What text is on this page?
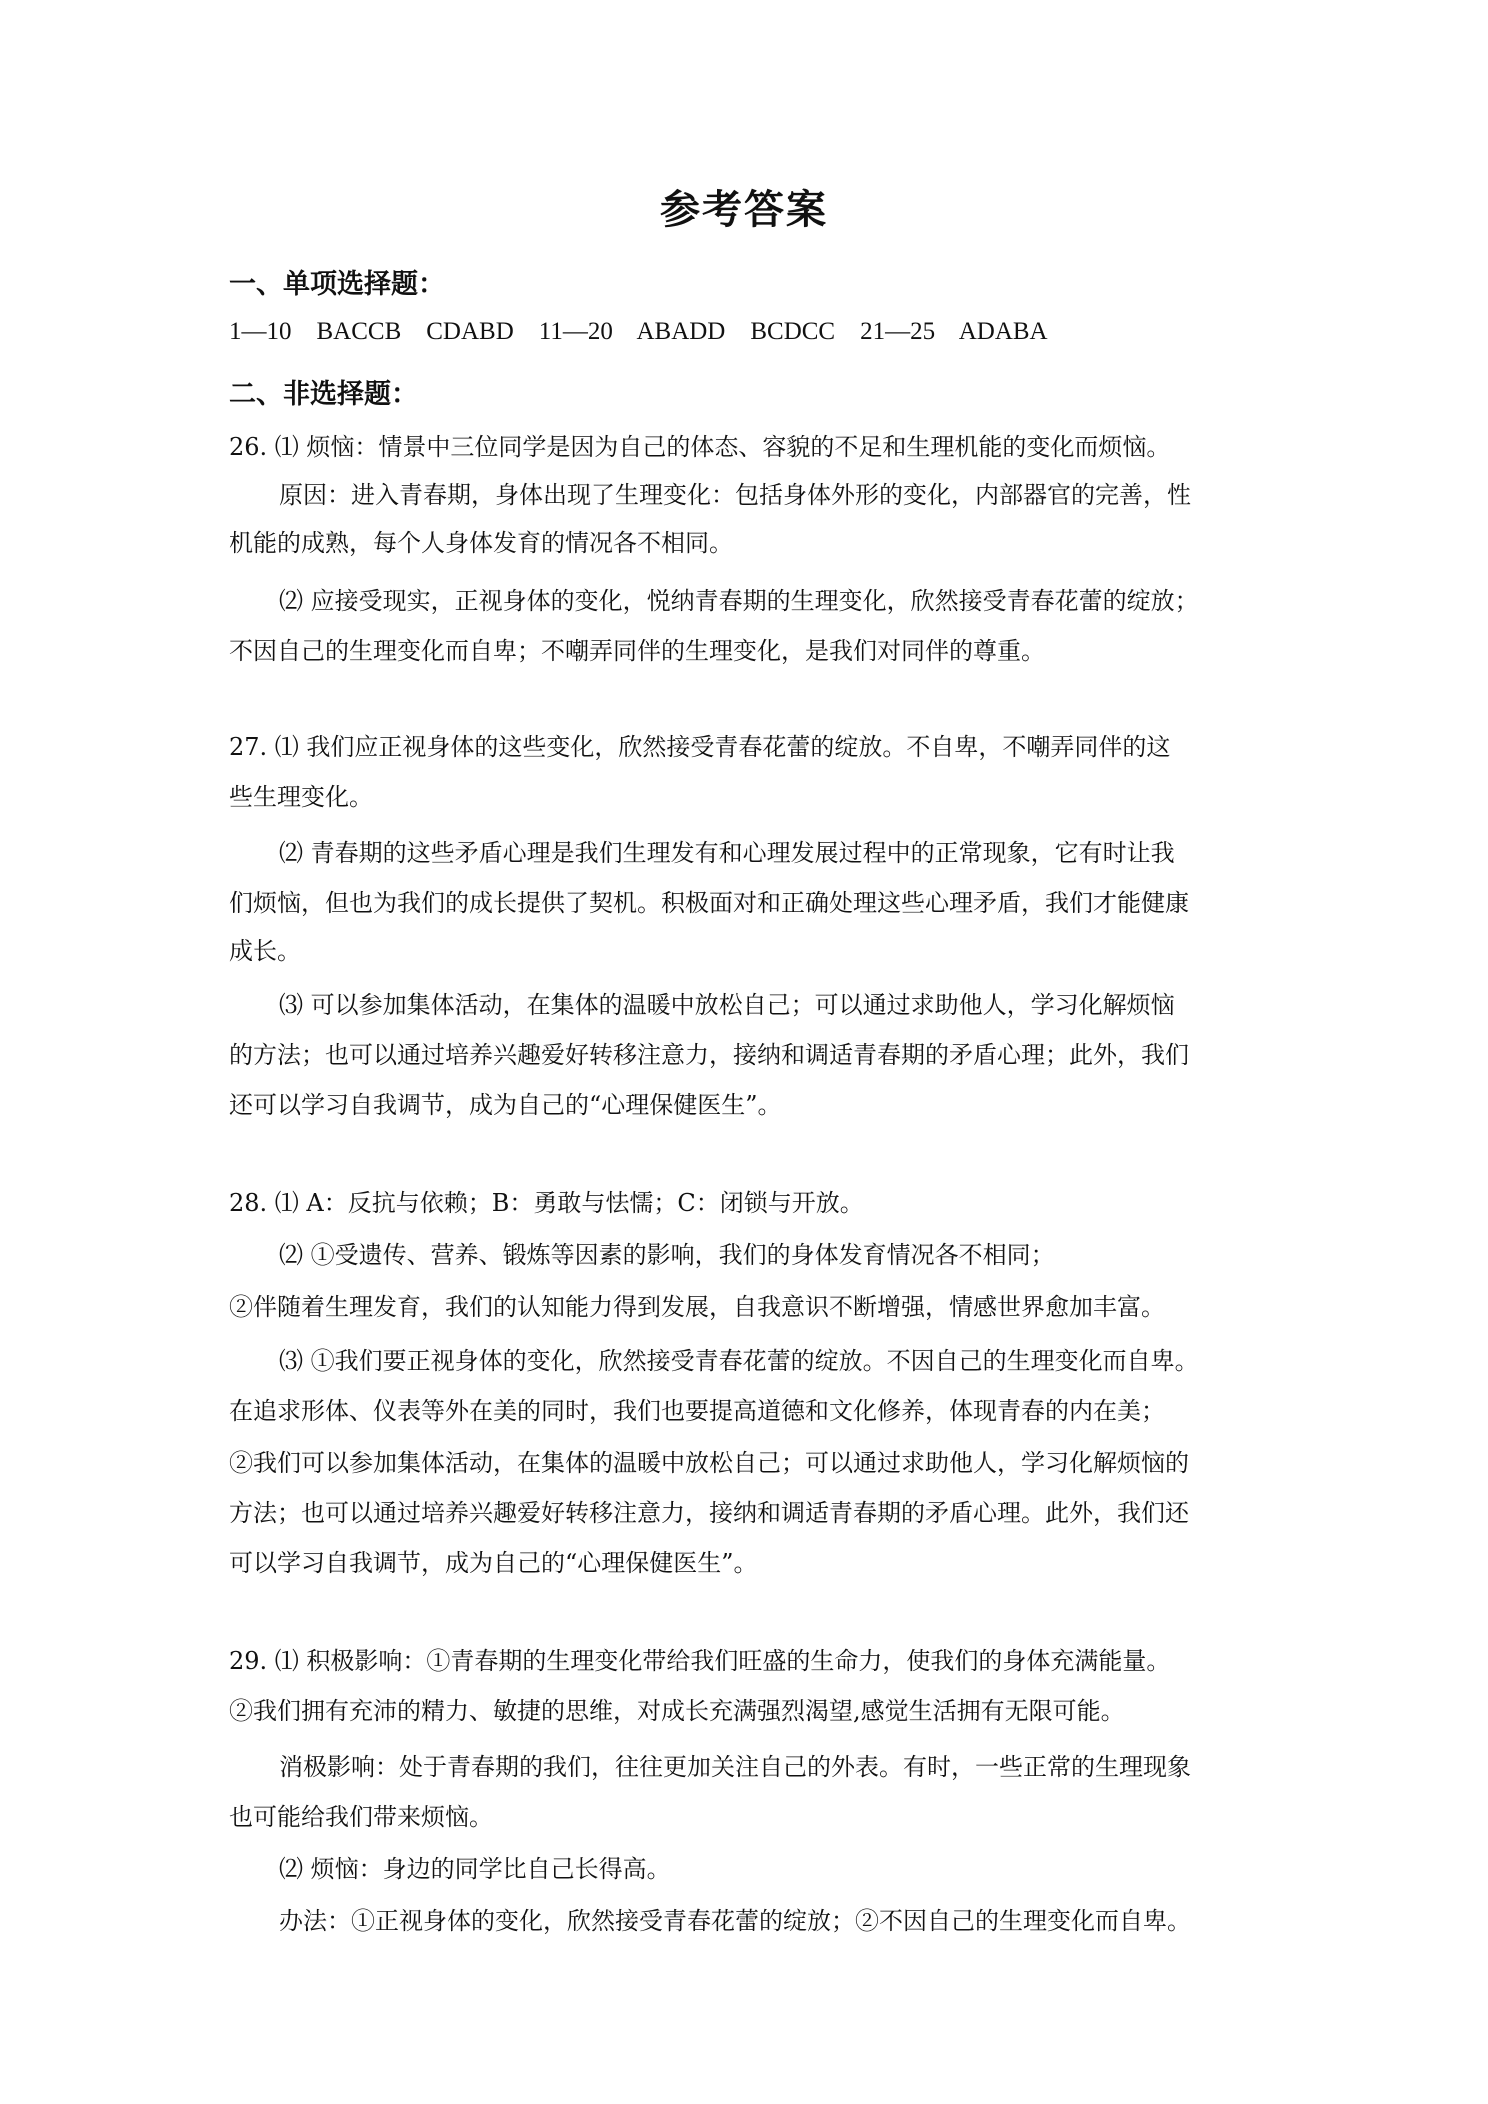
参考答案
一、单项选择题：
1—10    BACCB    CDABD    11—20    ABADD    BCDCC    21—25    ADABA
二、非选择题：
26. ⑴ 烦恼：情景中三位同学是因为自己的体态、容貌的不足和生理机能的变化而烦恼。
原因：进入青春期，身体出现了生理变化：包括身体外形的变化，内部器官的完善，性
机能的成熟，每个人身体发育的情况各不相同。
⑵ 应接受现实，正视身体的变化，悦纳青春期的生理变化，欣然接受青春花蕾的绽放；
不因自己的生理变化而自卑；不嘲弄同伴的生理变化，是我们对同伴的尊重。
27. ⑴ 我们应正视身体的这些变化，欣然接受青春花蕾的绽放。不自卑，不嘲弄同伴的这
些生理变化。
⑵ 青春期的这些矛盾心理是我们生理发有和心理发展过程中的正常现象，它有时让我
们烦恼，但也为我们的成长提供了契机。积极面对和正确处理这些心理矛盾，我们才能健康
成长。
⑶ 可以参加集体活动，在集体的温暖中放松自己；可以通过求助他人，学习化解烦恼
的方法；也可以通过培养兴趣爱好转移注意力，接纳和调适青春期的矛盾心理；此外，我们
还可以学习自我调节，成为自己的“心理保健医生”。
28. ⑴ A：反抗与依赖；B：勇敢与怯懦；C：闭锁与开放。
⑵ ①受遗传、营养、锻炼等因素的影响，我们的身体发育情况各不相同；
②伴随着生理发育，我们的认知能力得到发展，自我意识不断增强，情感世界愈加丰富。
⑶ ①我们要正视身体的变化，欣然接受青春花蕾的绽放。不因自己的生理变化而自卑。
在追求形体、仪表等外在美的同时，我们也要提高道德和文化修养，体现青春的内在美；
②我们可以参加集体活动，在集体的温暖中放松自己；可以通过求助他人，学习化解烦恼的
方法；也可以通过培养兴趣爱好转移注意力，接纳和调适青春期的矛盾心理。此外，我们还
可以学习自我调节，成为自己的“心理保健医生”。
29. ⑴ 积极影响：①青春期的生理变化带给我们旺盛的生命力，使我们的身体充满能量。
②我们拥有充沛的精力、敏捷的思维，对成长充满强烈渴望,感觉生活拥有无限可能。
消极影响：处于青春期的我们，往往更加关注自己的外表。有时，一些正常的生理现象
也可能给我们带来烦恼。
⑵ 烦恼：身边的同学比自己长得高。
办法：①正视身体的变化，欣然接受青春花蕾的绽放；②不因自己的生理变化而自卑。
